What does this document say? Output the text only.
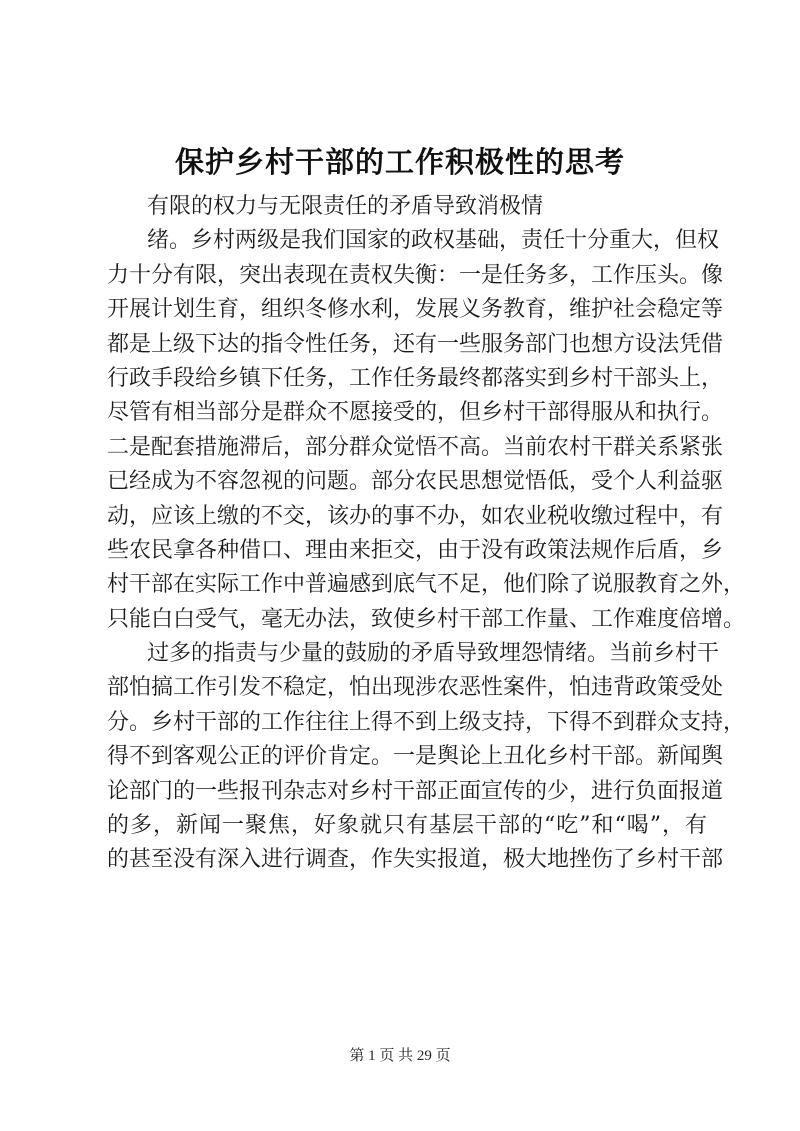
保护乡村干部的工作积极性的思考
有限的权力与无限责任的矛盾导致消极情
绪。乡村两级是我们国家的政权基础，责任十分重大，但权
力十分有限，突出表现在责权失衡：一是任务多，工作压头。像
开展计划生育，组织冬修水利，发展义务教育，维护社会稳定等
都是上级下达的指令性任务，还有一些服务部门也想方设法凭借
行政手段给乡镇下任务，工作任务最终都落实到乡村干部头上，
尽管有相当部分是群众不愿接受的，但乡村干部得服从和执行。
二是配套措施滞后，部分群众觉悟不高。当前农村干群关系紧张
已经成为不容忽视的问题。部分农民思想觉悟低，受个人利益驱
动，应该上缴的不交，该办的事不办，如农业税收缴过程中，有
些农民拿各种借口、理由来拒交，由于没有政策法规作后盾，乡
村干部在实际工作中普遍感到底气不足，他们除了说服教育之外，
只能白白受气，毫无办法，致使乡村干部工作量、工作难度倍增。
过多的指责与少量的鼓励的矛盾导致埋怨情绪。当前乡村干
部怕搞工作引发不稳定，怕出现涉农恶性案件，怕违背政策受处
分。乡村干部的工作往往上得不到上级支持，下得不到群众支持，
得不到客观公正的评价肯定。一是舆论上丑化乡村干部。新闻舆
论部门的一些报刊杂志对乡村干部正面宣传的少，进行负面报道
的多，新闻一聚焦，好象就只有基层干部的“吃”和“喝”，有
的甚至没有深入进行调查，作失实报道，极大地挫伤了乡村干部
第 1 页 共 29 页
